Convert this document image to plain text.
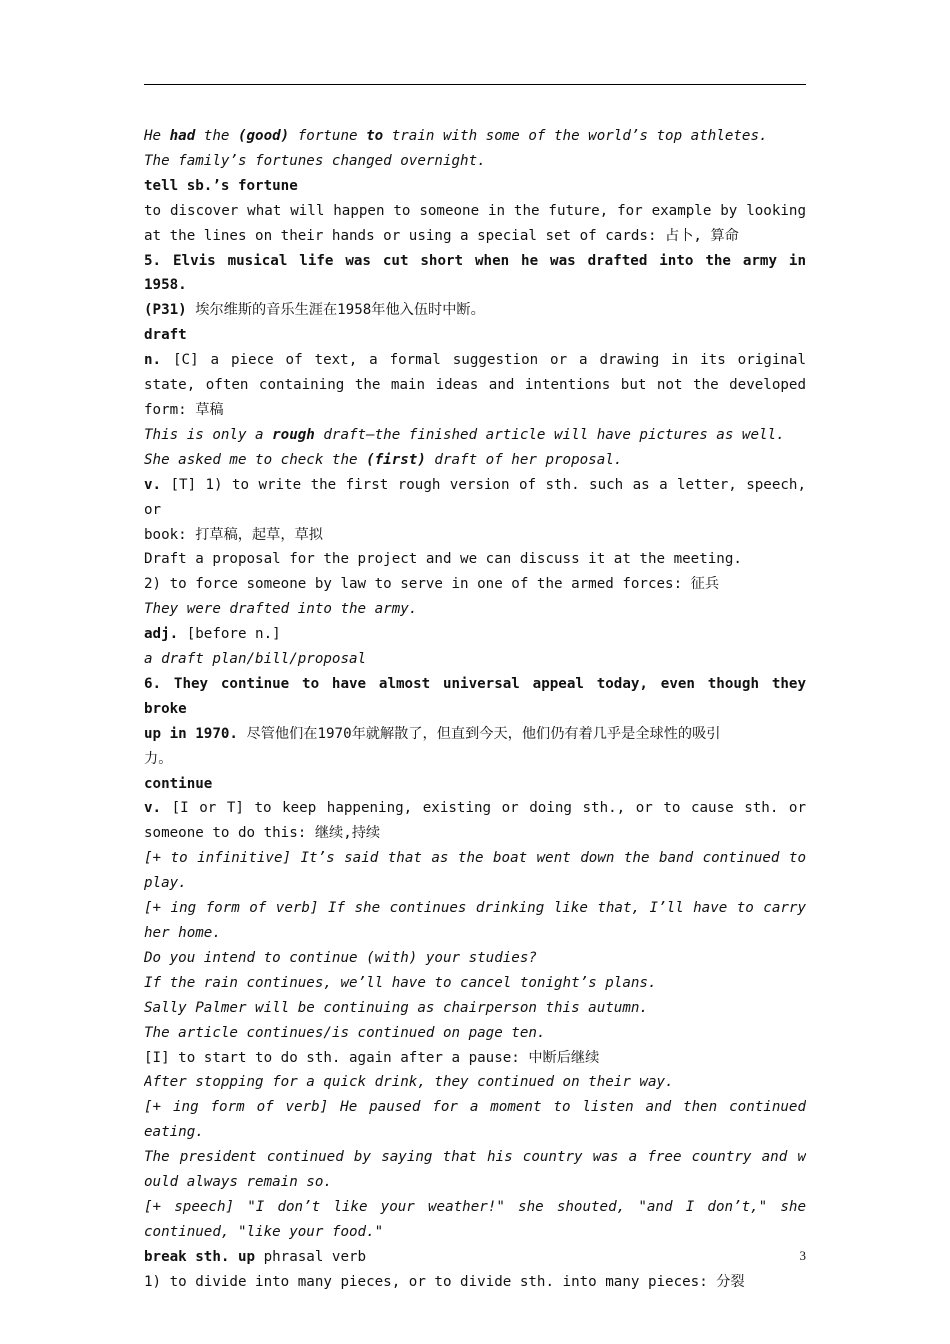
He had the (good) fortune to train with some of the world’s top athletes.
The family’s fortunes changed overnight.
tell sb.’s fortune
to discover what will happen to someone in the future, for example by looking
at the lines on their hands or using a special set of cards: 占卜, 算命
5. Elvis musical life was cut short when he was drafted into the army in 1958.
(P31) 埃尔维斯的音乐生涯在1958年他入伍时中断。
draft
n. [C] a piece of text, a formal suggestion or a drawing in its original
state, often containing the main ideas and intentions but not the developed
form: 草稿
This is only a rough draft—the finished article will have pictures as well.
She asked me to check the (first) draft of her proposal.
v. [T] 1) to write the first rough version of sth. such as a letter, speech, or
book: 打草稿，起草，草拟
Draft a proposal for the project and we can discuss it at the meeting.
2) to force someone by law to serve in one of the armed forces: 征兵
They were drafted into the army.
adj. [before n.]
a draft plan/bill/proposal
6. They continue to have almost universal appeal today, even though they broke
up in 1970. 尽管他们在1970年就解散了，但直到今天，他们仍有着几乎是全球性的吸引
力。
continue
v. [I or T] to keep happening, existing or doing sth., or to cause sth. or
someone to do this: 继续,持续
[+ to infinitive] It’s said that as the boat went down the band continued to
play.
[+ ing form of verb] If she continues drinking like that, I’ll have to carry
her home.
Do you intend to continue (with) your studies?
If the rain continues, we’ll have to cancel tonight’s plans.
Sally Palmer will be continuing as chairperson this autumn.
The article continues/is continued on page ten.
[I] to start to do sth. again after a pause: 中断后继续
After stopping for a quick drink, they continued on their way.
[+ ing form of verb] He paused for a moment to listen and then continued
eating.
The president continued by saying that his country was a free country and w
ould always remain so.
[+ speech] "I don’t like your weather!" she shouted, "and I don’t," she
continued, "like your food."
break sth. up phrasal verb
1) to divide into many pieces, or to divide sth. into many pieces: 分裂
3
